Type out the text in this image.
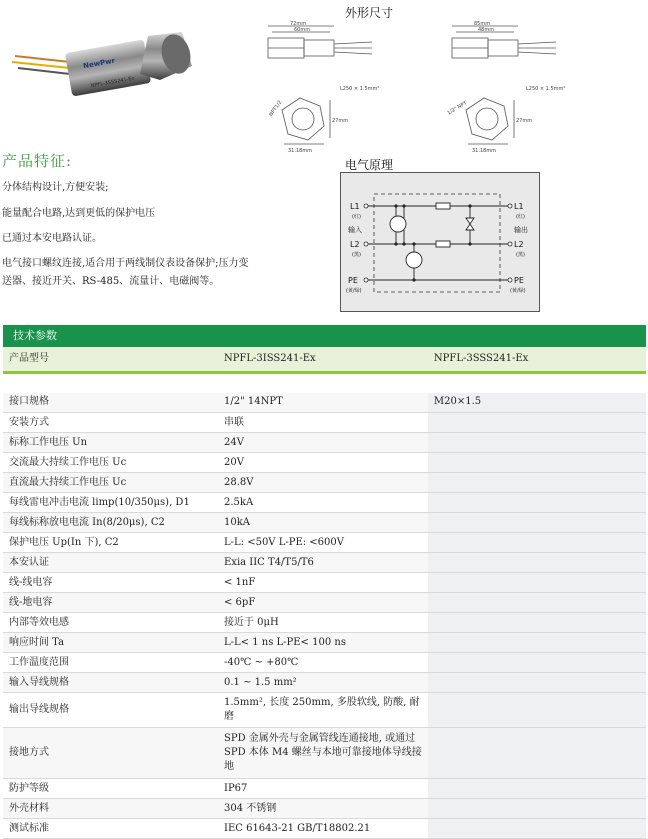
NewPwr
NPFL-3SSS241-Ex
外形尺寸
72mm
60mm
L250 × 1.5mm²
NPT1/2
27mm
31.18mm
85mm
48mm
L250 × 1.5mm²
1/2" NPT
27mm
31.18mm
产品特征:
分体结构设计,方便安装;
能量配合电路,达到更低的保护电压
已通过本安电路认证。
电气接口螺纹连接,适合用于两线制仪表设备保护;压力变
送器、接近开关、RS-485、流量计、电磁阀等。
电气原理
L1
(红)
输入
L2
(黑)
PE
(黄/绿)
L1
(红)
输出
L2
(黑)
PE
(黄/绿)
技术参数		
产品型号	NPFL-3ISS241-Ex	NPFL-3SSS241-Ex

接口规格	1/2" 14NPT	M20×1.5
安装方式	串联	
标称工作电压 Un	24V	
交流最大持续工作电压 Uc	20V	
直流最大持续工作电压 Uc	28.8V	
每线雷电冲击电流 limp(10/350μs), D1	2.5kA	
每线标称放电电流 In(8/20μs), C2	10kA	
保护电压 Up(In 下), C2	L-L: <50V L-PE: <600V	
本安认证	Exia IIC T4/T5/T6	
线-线电容	< 1nF	
线-地电容	< 6pF	
内部等效电感	接近于 0μH	
响应时间 Ta	L-L< 1 ns L-PE< 100 ns	
工作温度范围	-40℃ ~ +80℃	
输入导线规格	0.1 ~ 1.5 mm²	
输出导线规格	1.5mm², 长度 250mm, 多股软线, 防酸, 耐磨	
接地方式	SPD 金属外壳与金属管线连通接地, 或通过 SPD 本体 M4 螺丝与本地可靠接地体导线接地	
防护等级	IP67	
外壳材料	304 不锈钢	
测试标准	IEC 61643-21 GB/T18802.21	
